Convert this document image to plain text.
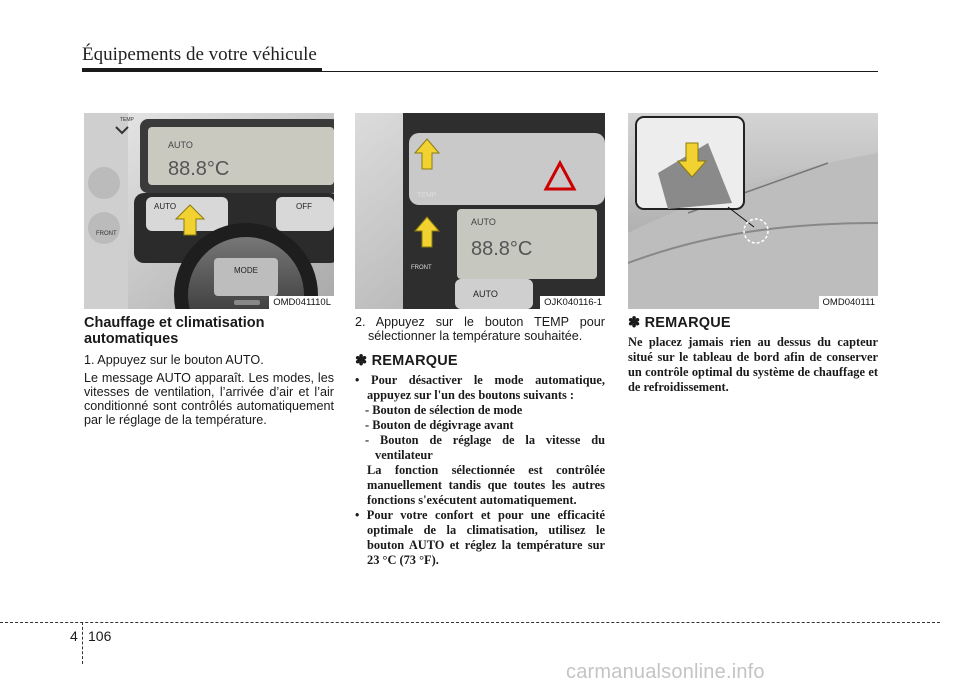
Équipements de votre véhicule
AUTO	OFF
MODE
FRONT
TEMP
AUTO
88.8°C
OMD041110L
TEMP
AUTO
88.8°C
AUTO
FRONT
OJK040116-1	OMD040111
Chauffage et climatisation automatiques

1. Appuyez sur le bouton AUTO.

Le message AUTO apparaît. Les modes, les vitesses de ventilation, l’arrivée d’air et l’air conditionné sont contrôlés automatiquement par le réglage de la température.

2. Appuyez sur le bouton TEMP pour sélectionner la température souhaitée.

✽ REMARQUE

• Pour désactiver le mode automatique, appuyez sur l'un des boutons suivants :

- Bouton de sélection de mode

- Bouton de dégivrage avant

- Bouton de réglage de la vitesse du ventilateur

La fonction sélectionnée est contrôlée manuellement tandis que toutes les autres fonctions s'exécutent automatiquement.

• Pour votre confort et pour une efficacité optimale de la climatisation, utilisez le bouton AUTO et réglez la température sur 23 °C (73 °F).

✽ REMARQUE

Ne placez jamais rien au dessus du capteur situé sur le tableau de bord afin de conserver un contrôle optimal du système de chauffage et de refroidissement.

4 106
carmanualsonline.info
